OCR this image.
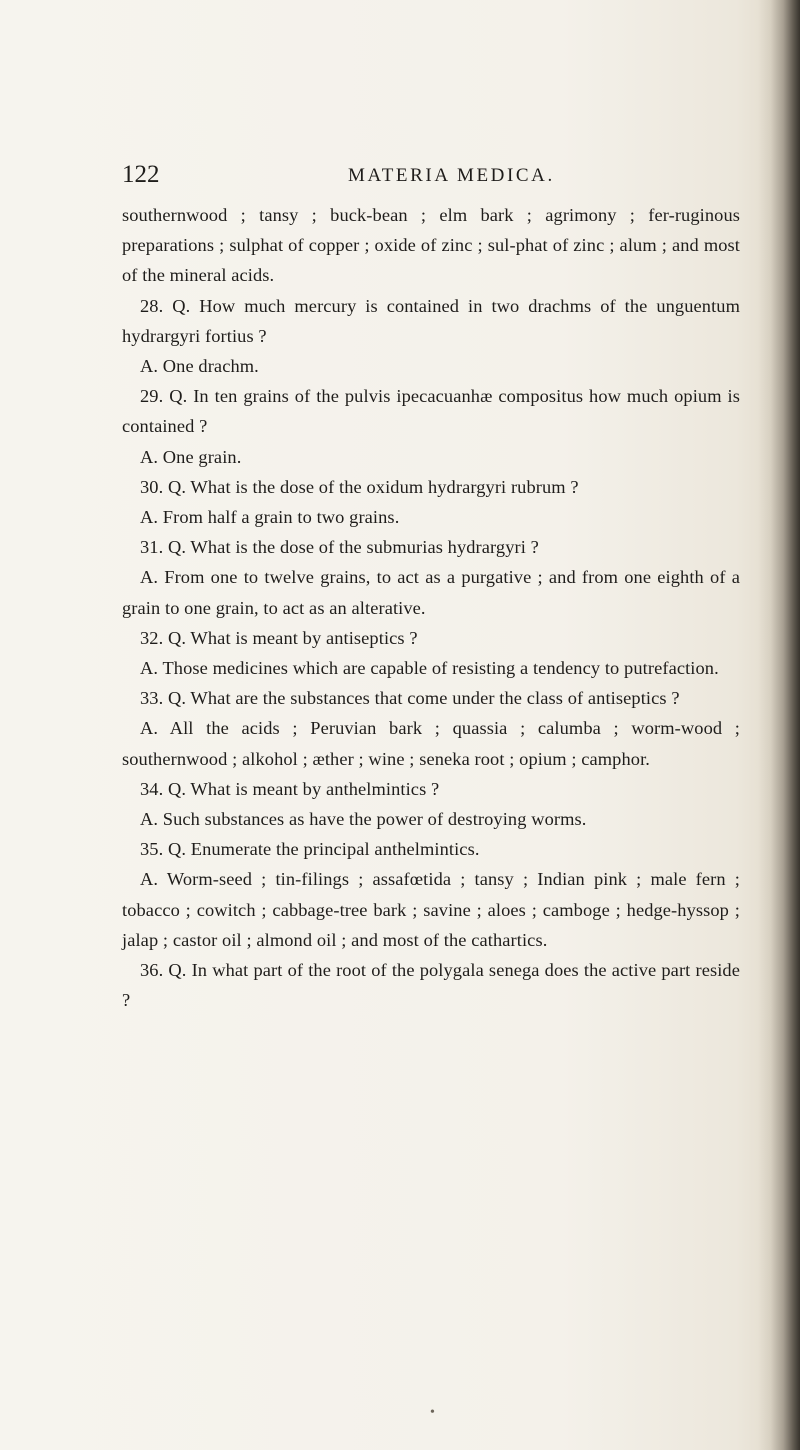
122	MATERIA MEDICA.

southernwood ; tansy ; buck-bean ; elm bark ; agrimony ; fer-ruginous preparations ; sulphat of copper ; oxide of zinc ; sul-phat of zinc ; alum ; and most of the mineral acids.

28. Q. How much mercury is contained in two drachms of the unguentum hydrargyri fortius ?

A. One drachm.

29. Q. In ten grains of the pulvis ipecacuanhæ compositus how much opium is contained ?

A. One grain.

30. Q. What is the dose of the oxidum hydrargyri rubrum ?

A. From half a grain to two grains.

31. Q. What is the dose of the submurias hydrargyri ?

A. From one to twelve grains, to act as a purgative ; and from one eighth of a grain to one grain, to act as an alterative.

32. Q. What is meant by antiseptics ?

A. Those medicines which are capable of resisting a tendency to putrefaction.

33. Q. What are the substances that come under the class of antiseptics ?

A. All the acids ; Peruvian bark ; quassia ; calumba ; worm-wood ; southernwood ; alkohol ; æther ; wine ; seneka root ; opium ; camphor.

34. Q. What is meant by anthelmintics ?

A. Such substances as have the power of destroying worms.

35. Q. Enumerate the principal anthelmintics.

A. Worm-seed ; tin-filings ; assafœtida ; tansy ; Indian pink ; male fern ; tobacco ; cowitch ; cabbage-tree bark ; savine ; aloes ; camboge ; hedge-hyssop ; jalap ; castor oil ; almond oil ; and most of the cathartics.

36. Q. In what part of the root of the polygala senega does the active part reside ?

•
